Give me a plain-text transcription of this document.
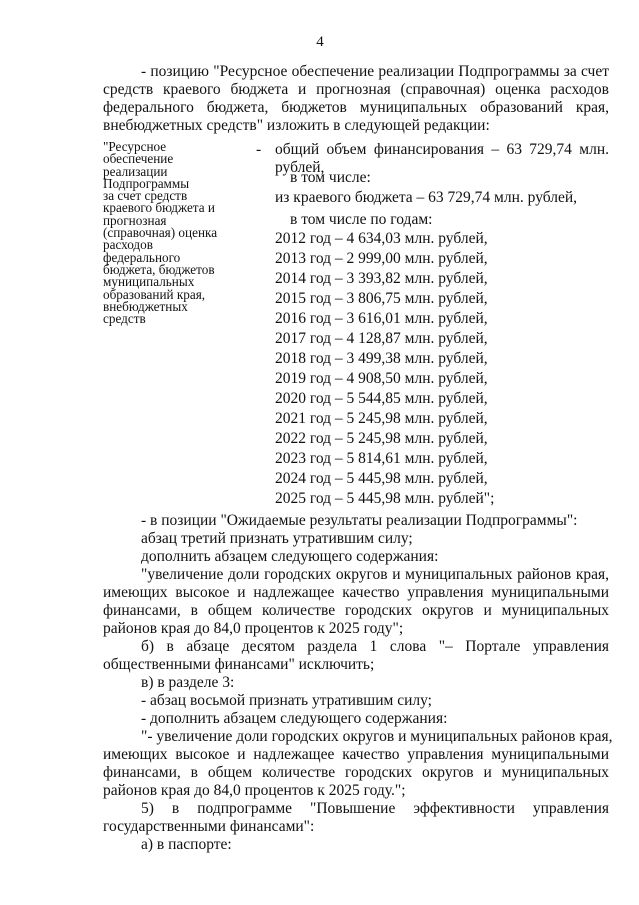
4
- позицию "Ресурсное обеспечение реализации Подпрограммы за счет
средств краевого бюджета и прогнозная (справочная) оценка расходов
федерального бюджета, бюджетов муниципальных образований края,
внебюджетных средств" изложить в следующей редакции:
"Ресурсное
обеспечение
реализации
Подпрограммы
за счет средств
краевого бюджета и
прогнозная
(справочная) оценка
расходов
федерального
бюджета, бюджетов
муниципальных
образований края,
внебюджетных
средств
- общий объем финансирования – 63 729,74 млн.
рублей,
в том числе:
из краевого бюджета – 63 729,74 млн. рублей,
в том числе по годам:
2012 год – 4 634,03 млн. рублей,
2013 год – 2 999,00 млн. рублей,
2014 год – 3 393,82 млн. рублей,
2015 год – 3 806,75 млн. рублей,
2016 год – 3 616,01 млн. рублей,
2017 год – 4 128,87 млн. рублей,
2018 год – 3 499,38 млн. рублей,
2019 год – 4 908,50 млн. рублей,
2020 год – 5 544,85 млн. рублей,
2021 год – 5 245,98 млн. рублей,
2022 год – 5 245,98 млн. рублей,
2023 год – 5 814,61 млн. рублей,
2024 год – 5 445,98 млн. рублей,
2025 год – 5 445,98 млн. рублей";
- в позиции "Ожидаемые результаты реализации Подпрограммы":
абзац третий признать утратившим силу;
дополнить абзацем следующего содержания:
"увеличение доли городских округов и муниципальных районов края,
имеющих высокое и надлежащее качество управления муниципальными
финансами, в общем количестве городских округов и муниципальных
районов края до 84,0 процентов к 2025 году";
б) в абзаце десятом раздела 1 слова "– Портале управления
общественными финансами" исключить;
в) в разделе 3:
- абзац восьмой признать утратившим силу;
- дополнить абзацем следующего содержания:
"- увеличение доли городских округов и муниципальных районов края,
имеющих высокое и надлежащее качество управления муниципальными
финансами, в общем количестве городских округов и муниципальных
районов края до 84,0 процентов к 2025 году.";
5) в подпрограмме "Повышение эффективности управления
государственными финансами":
а) в паспорте:
